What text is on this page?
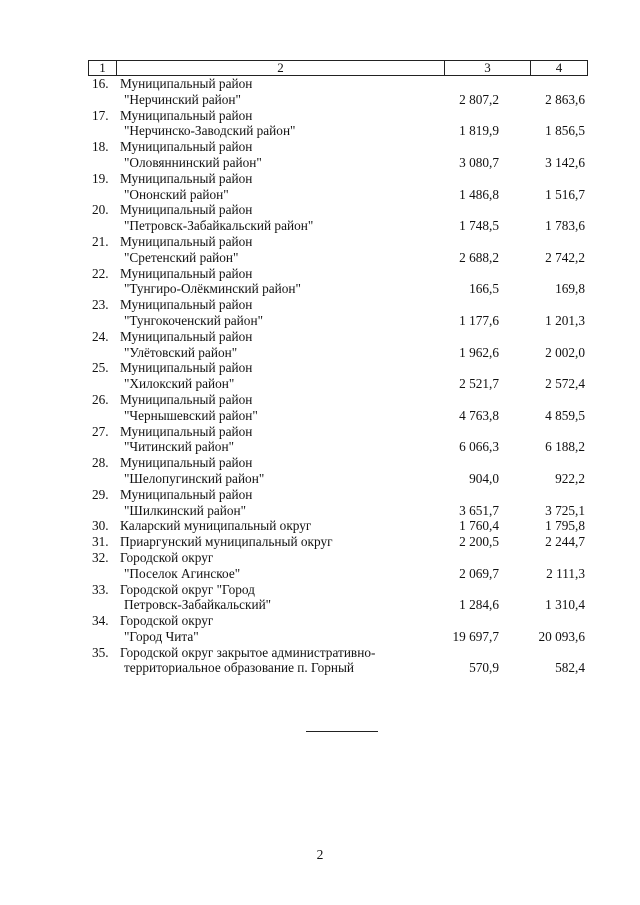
1	2	3	4
16. Муниципальный район
"Нерчинский район"	2 807,2	2 863,6
17. Муниципальный район
"Нерчинско-Заводский район"	1 819,9	1 856,5
18. Муниципальный район
"Оловяннинский район"	3 080,7	3 142,6
19. Муниципальный район
"Ононский район"	1 486,8	1 516,7
20. Муниципальный район
"Петровск-Забайкальский район"	1 748,5	1 783,6
21. Муниципальный район
"Сретенский район"	2 688,2	2 742,2
22. Муниципальный район
"Тунгиро-Олёкминский район"	166,5	169,8
23. Муниципальный район
"Тунгокоченский район"	1 177,6	1 201,3
24. Муниципальный район
"Улётовский район"	1 962,6	2 002,0
25. Муниципальный район
"Хилокский район"	2 521,7	2 572,4
26. Муниципальный район
"Чернышевский район"	4 763,8	4 859,5
27. Муниципальный район
"Читинский район"	6 066,3	6 188,2
28. Муниципальный район
"Шелопугинский район"	904,0	922,2
29. Муниципальный район
"Шилкинский район"	3 651,7	3 725,1
30. Каларский муниципальный округ	1 760,4	1 795,8
31. Приаргунский муниципальный округ	2 200,5	2 244,7
32. Городской округ
"Поселок Агинское"	2 069,7	2 111,3
33. Городской округ "Город
Петровск-Забайкальский"	1 284,6	1 310,4
34. Городской округ
"Город Чита"	19 697,7	20 093,6
35. Городской округ закрытое административно-
территориальное образование п. Горный	570,9	582,4
2
